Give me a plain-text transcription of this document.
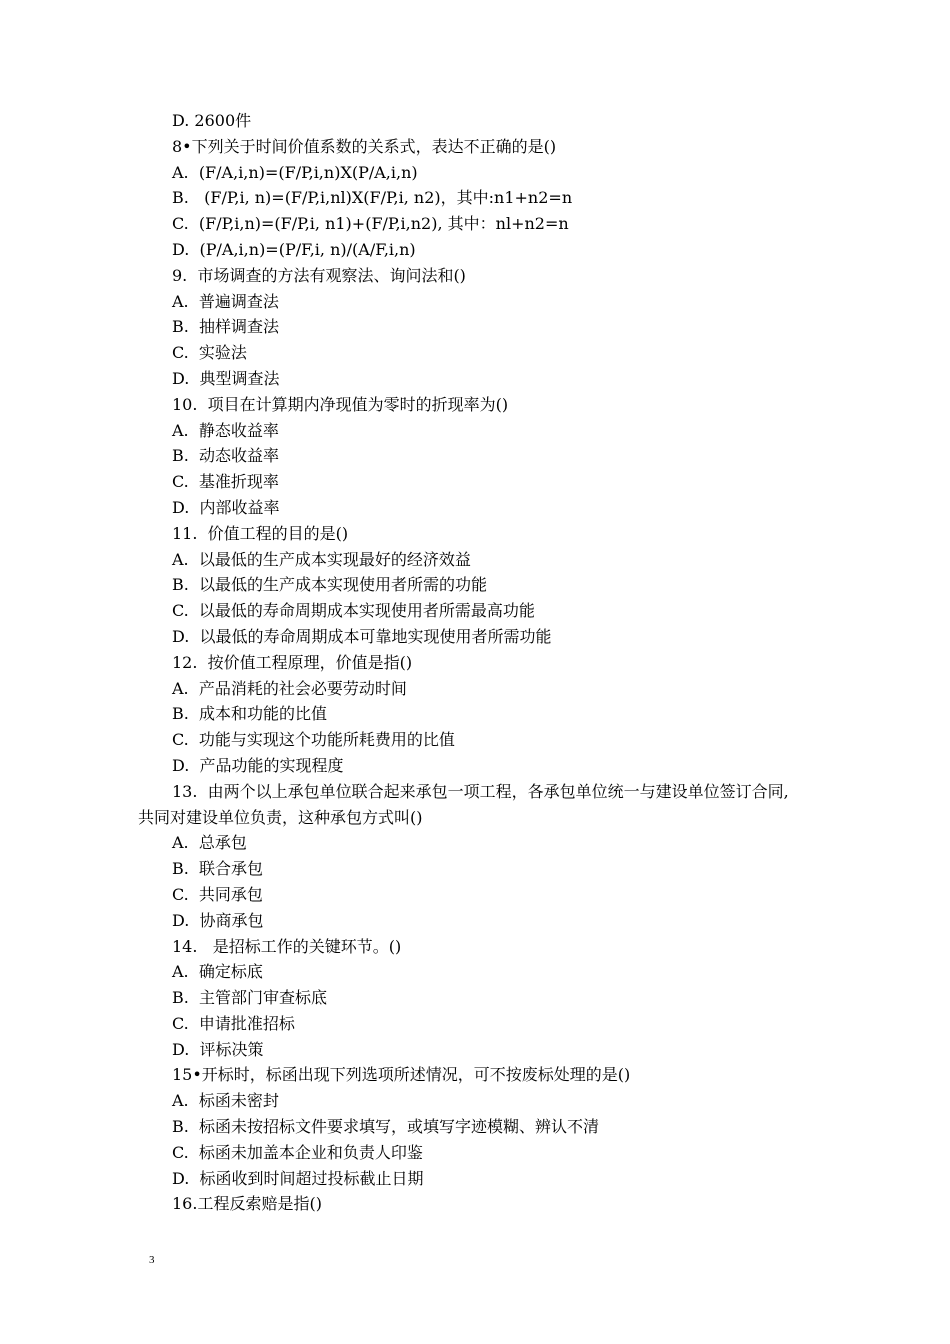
D. 2600件
8•下列关于时间价值系数的关系式，表达不正确的是()
A.  (F/A,i,n)=(F/P,i,n)X(P/A,i,n)
B.   (F/P,i, n)=(F/P,i,nl)X(F/P,i, n2)，其中:n1+n2=n
C.  (F/P,i,n)=(F/P,i, n1)+(F/P,i,n2), 其中：nl+n2=n
D.  (P/A,i,n)=(P/F,i, n)/(A/F,i,n)
9.  市场调查的方法有观察法、询问法和()
A.  普遍调查法
B.  抽样调查法
C.  实验法
D.  典型调查法
10.  项目在计算期内净现值为零时的折现率为()
A.  静态收益率
B.  动态收益率
C.  基准折现率
D.  内部收益率
11.  价值工程的目的是()
A.  以最低的生产成本实现最好的经济效益
B.  以最低的生产成本实现使用者所需的功能
C.  以最低的寿命周期成本实现使用者所需最高功能
D.  以最低的寿命周期成本可靠地实现使用者所需功能
12.  按价值工程原理，价值是指()
A.  产品消耗的社会必要劳动时间
B.  成本和功能的比值
C.  功能与实现这个功能所耗费用的比值
D.  产品功能的实现程度
13.  由两个以上承包单位联合起来承包一项工程，各承包单位统一与建设单位签订合同,
共同对建设单位负责，这种承包方式叫()
A.  总承包
B.  联合承包
C.  共同承包
D.  协商承包
14.   是招标工作的关键环节。()
A.  确定标底
B.  主管部门审查标底
C.  申请批准招标
D.  评标决策
15•开标时，标函出现下列选项所述情况，可不按废标处理的是()
A.  标函未密封
B.  标函未按招标文件要求填写，或填写字迹模糊、辨认不清
C.  标函未加盖本企业和负责人印鉴
D.  标函收到时间超过投标截止日期
16.工程反索赔是指()
3
